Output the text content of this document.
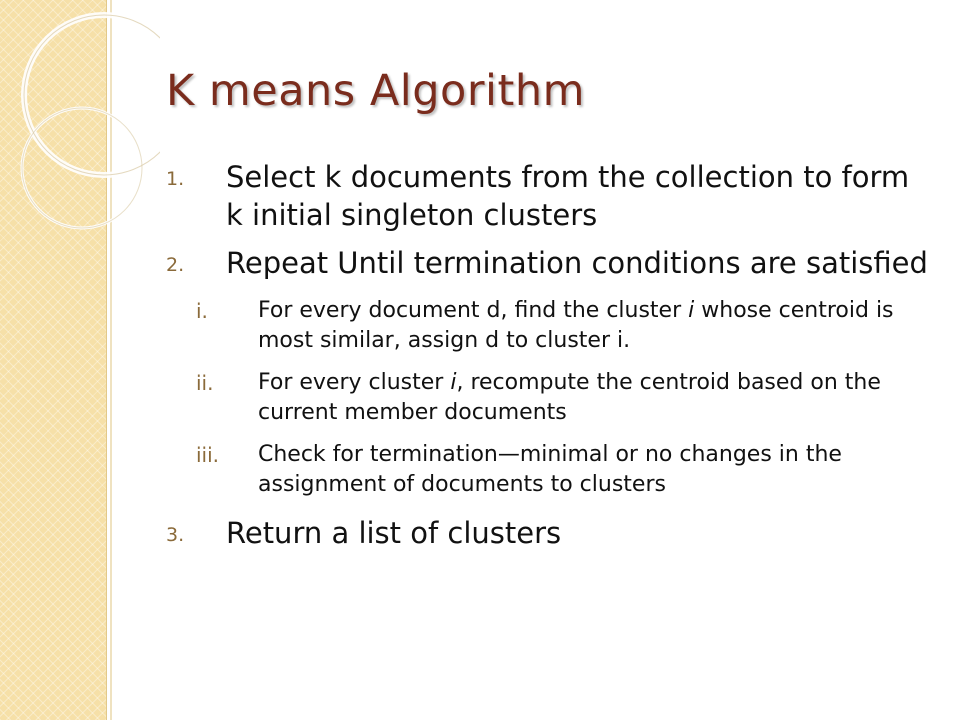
K means Algorithm
1. Select k documents from the collection to form k initial singleton clusters
2. Repeat Until termination conditions are satisfied
i. For every document d, find the cluster i whose centroid is most similar, assign d to cluster i.
ii. For every cluster i, recompute the centroid based on the current member documents
iii. Check for termination—minimal or no changes in the assignment of documents to clusters
3. Return a list of clusters
